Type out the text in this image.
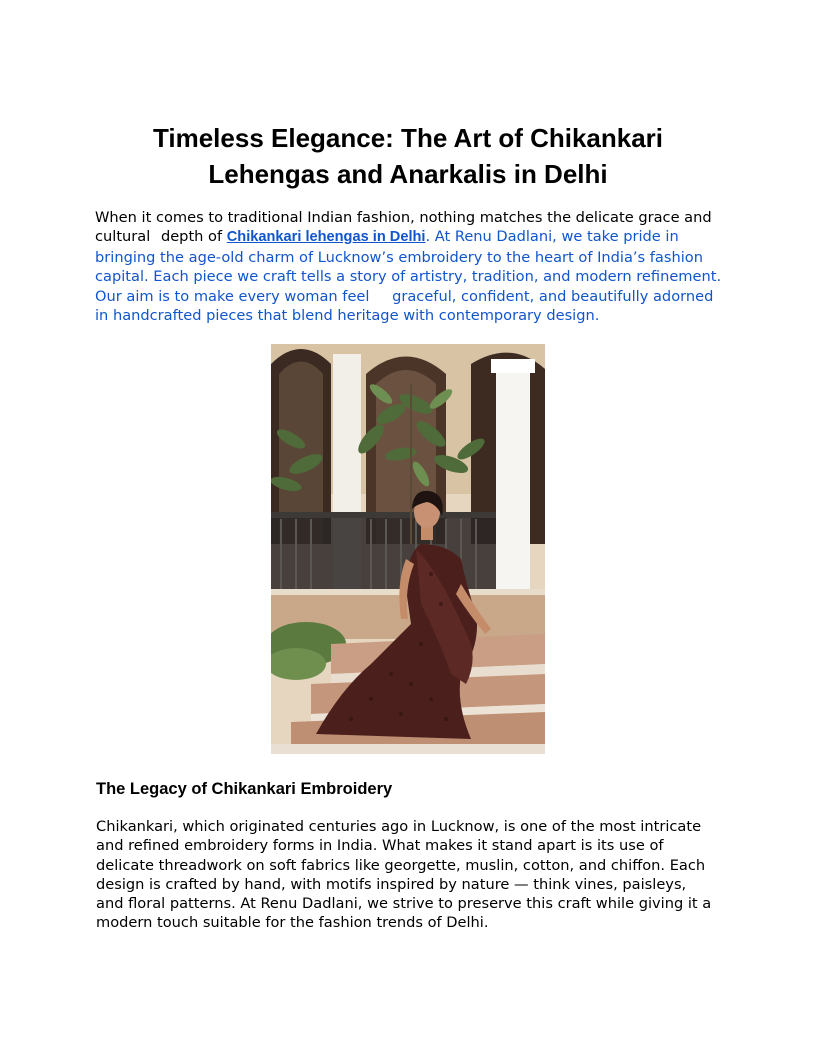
Timeless Elegance: The Art of Chikankari Lehengas and Anarkalis in Delhi

When it comes to traditional Indian fashion, nothing matches the delicate grace and cultural depth of Chikankari lehengas in Delhi. At Renu Dadlani, we take pride in bringing the age-old charm of Lucknow’s embroidery to the heart of India’s fashion capital. Each piece we craft tells a story of artistry, tradition, and modern refinement. Our aim is to make every woman feel graceful, confident, and beautifully adorned in handcrafted pieces that blend heritage with contemporary design.

The Legacy of Chikankari Embroidery

Chikankari, which originated centuries ago in Lucknow, is one of the most intricate and refined embroidery forms in India. What makes it stand apart is its use of delicate threadwork on soft fabrics like georgette, muslin, cotton, and chiffon. Each design is crafted by hand, with motifs inspired by nature — think vines, paisleys, and floral patterns. At Renu Dadlani, we strive to preserve this craft while giving it a modern touch suitable for the fashion trends of Delhi.
